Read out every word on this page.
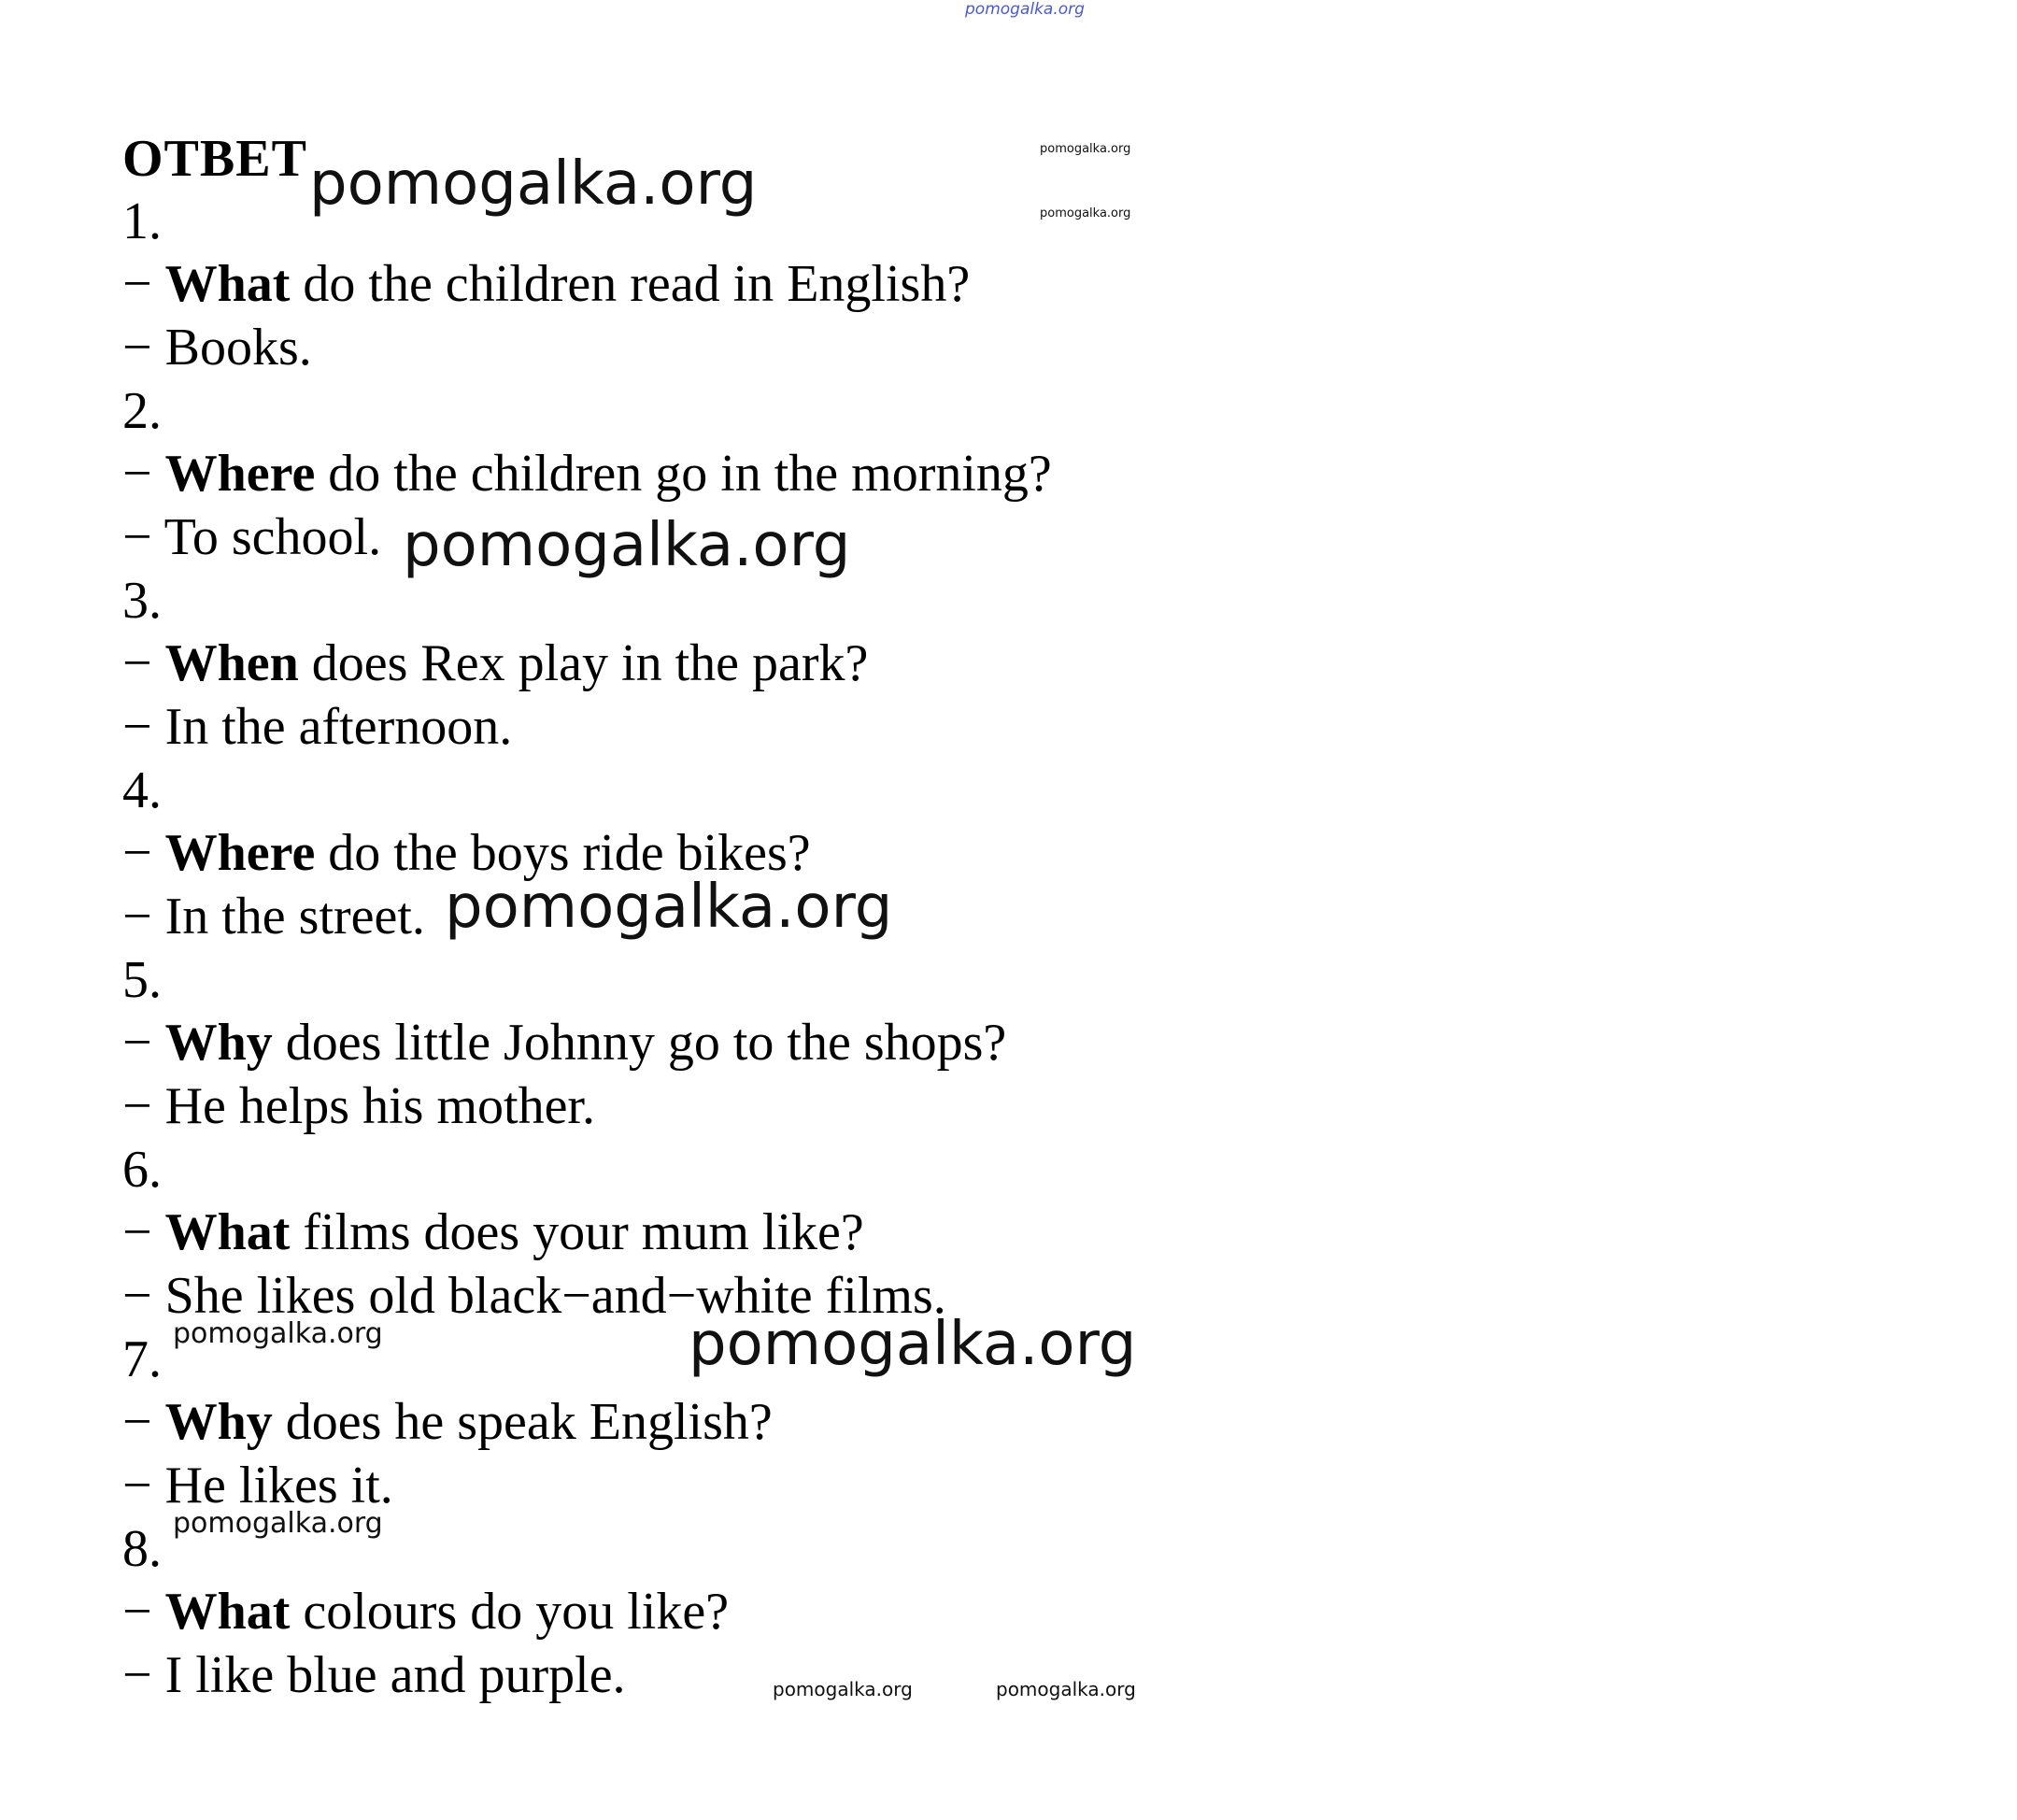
ОТВЕТ
1.
− What do the children read in English?
− Books.
2.
− Where do the children go in the morning?
− To school.
3.
− When does Rex play in the park?
− In the afternoon.
4.
− Where do the boys ride bikes?
− In the street.
5.
− Why does little Johnny go to the shops?
− He helps his mother.
6.
− What films does your mum like?
− She likes old black−and−white films.
7.
− Why does he speak English?
− He likes it.
8.
− What colours do you like?
− I like blue and purple.
pomogalka.org
pomogalka.org
pomogalka.org
pomogalka.org
pomogalka.org
pomogalka.org
pomogalka.org	pomogalka.org
pomogalka.org
pomogalka.org	pomogalka.org
